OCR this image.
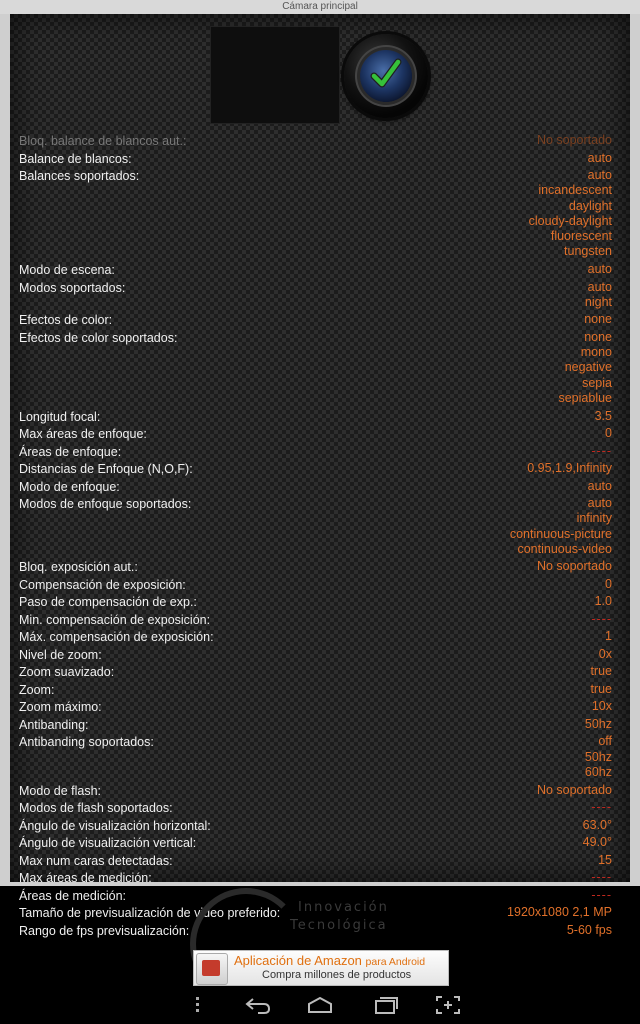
Cámara principal
Bloq. balance de blancos aut.:	No soportado
Balance de blancos:	auto
Balances soportados:	auto
incandescent
daylight
cloudy-daylight
fluorescent
tungsten
Modo de escena:	auto
Modos soportados:	auto
night
Efectos de color:	none
Efectos de color soportados:	none
mono
negative
sepia
sepiablue
Longitud focal:	3.5
Max áreas de enfoque:	0
Áreas de enfoque:	----
Distancias de Enfoque (N,O,F):	0.95,1.9,Infinity
Modo de enfoque:	auto
Modos de enfoque soportados:	auto
infinity
continuous-picture
continuous-video
Bloq. exposición aut.:	No soportado
Compensación de exposición:	0
Paso de compensación de exp.:	1.0
Min. compensación de exposición:	----
Máx. compensación de exposición:	1
Nivel de zoom:	0x
Zoom suavizado:	true
Zoom:	true
Zoom máximo:	10x
Antibanding:	50hz
Antibanding soportados:	off
50hz
60hz
Modo de flash:	No soportado
Modos de flash soportados:	----
Ángulo de visualización horizontal:	63.0°
Ángulo de visualización vertical:	49.0°
Max num caras detectadas:	15
Max áreas de medición:	----
Áreas de medición:	----
Tamaño de previsualización de video preferido:	1920x1080 2,1 MP
Rango de fps previsualización:	5-60 fps
Innovación
Tecnológica
Aplicación de Amazon para Android
Compra millones de productos
